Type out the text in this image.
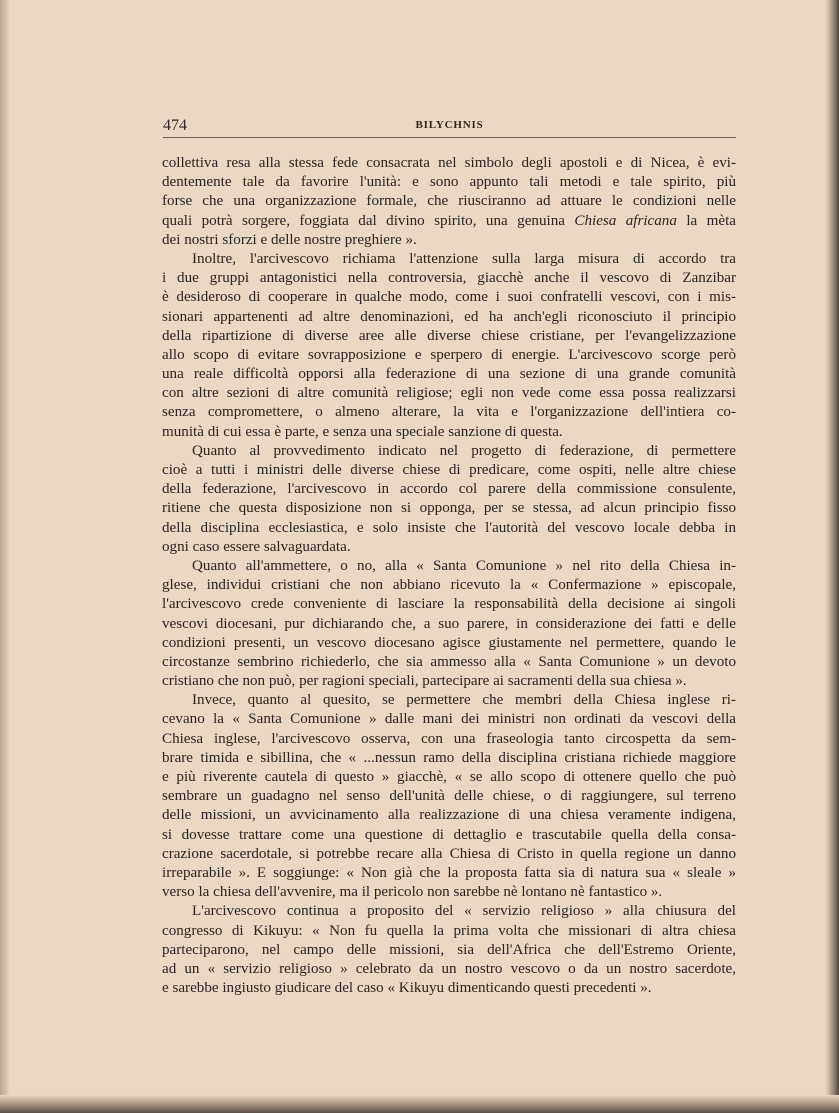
474	BILYCHNIS
collettiva resa alla stessa fede consacrata nel simbolo degli apostoli e di Nicea, è evi-
dentemente tale da favorire l'unità: e sono appunto tali metodi e tale spirito, più
forse che una organizzazione formale, che riusciranno ad attuare le condizioni nelle
quali potrà sorgere, foggiata dal divino spirito, una genuina Chiesa africana la mèta
dei nostri sforzi e delle nostre preghiere ».
Inoltre, l'arcivescovo richiama l'attenzione sulla larga misura di accordo tra
i due gruppi antagonistici nella controversia, giacchè anche il vescovo di Zanzibar
è desideroso di cooperare in qualche modo, come i suoi confratelli vescovi, con i mis-
sionari appartenenti ad altre denominazioni, ed ha anch'egli riconosciuto il principio
della ripartizione di diverse aree alle diverse chiese cristiane, per l'evangelizzazione
allo scopo di evitare sovrapposizione e sperpero di energie. L'arcivescovo scorge però
una reale difficoltà opporsi alla federazione di una sezione di una grande comunità
con altre sezioni di altre comunità religiose; egli non vede come essa possa realizzarsi
senza compromettere, o almeno alterare, la vita e l'organizzazione dell'intiera co-
munità di cui essa è parte, e senza una speciale sanzione di questa.
Quanto al provvedimento indicato nel progetto di federazione, di permettere
cioè a tutti i ministri delle diverse chiese di predicare, come ospiti, nelle altre chiese
della federazione, l'arcivescovo in accordo col parere della commissione consulente,
ritiene che questa disposizione non si opponga, per se stessa, ad alcun principio fisso
della disciplina ecclesiastica, e solo insiste che l'autorità del vescovo locale debba in
ogni caso essere salvaguardata.
Quanto all'ammettere, o no, alla « Santa Comunione » nel rito della Chiesa in-
glese, individui cristiani che non abbiano ricevuto la « Confermazione » episcopale,
l'arcivescovo crede conveniente di lasciare la responsabilità della decisione ai singoli
vescovi diocesani, pur dichiarando che, a suo parere, in considerazione dei fatti e delle
condizioni presenti, un vescovo diocesano agisce giustamente nel permettere, quando le
circostanze sembrino richiederlo, che sia ammesso alla « Santa Comunione » un devoto
cristiano che non può, per ragioni speciali, partecipare ai sacramenti della sua chiesa ».
Invece, quanto al quesito, se permettere che membri della Chiesa inglese ri-
cevano la « Santa Comunione » dalle mani dei ministri non ordinati da vescovi della
Chiesa inglese, l'arcivescovo osserva, con una fraseologia tanto circospetta da sem-
brare timida e sibillina, che « ...nessun ramo della disciplina cristiana richiede maggiore
e più riverente cautela di questo » giacchè, « se allo scopo di ottenere quello che può
sembrare un guadagno nel senso dell'unità delle chiese, o di raggiungere, sul terreno
delle missioni, un avvicinamento alla realizzazione di una chiesa veramente indigena,
si dovesse trattare come una questione di dettaglio e trascutabile quella della consa-
crazione sacerdotale, si potrebbe recare alla Chiesa di Cristo in quella regione un danno
irreparabile ». E soggiunge: « Non già che la proposta fatta sia di natura sua « sleale »
verso la chiesa dell'avvenire, ma il pericolo non sarebbe nè lontano nè fantastico ».
L'arcivescovo continua a proposito del « servizio religioso » alla chiusura del
congresso di Kikuyu: « Non fu quella la prima volta che missionari di altra chiesa
parteciparono, nel campo delle missioni, sia dell'Africa che dell'Estremo Oriente,
ad un « servizio religioso » celebrato da un nostro vescovo o da un nostro sacerdote,
e sarebbe ingiusto giudicare del caso « Kikuyu dimenticando questi precedenti ».
